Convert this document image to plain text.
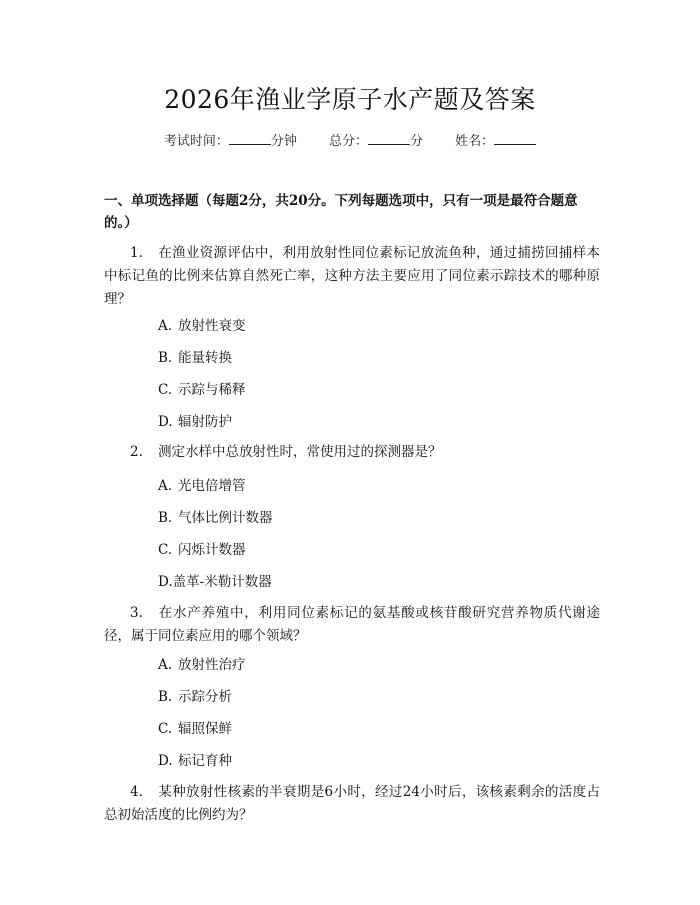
2026年渔业学原子水产题及答案
考试时间：	分钟 总分：	分 姓名：
一、单项选择题（每题2分，共20分。下列每题选项中，只有一项是最符合题意的。）
1. 在渔业资源评估中，利用放射性同位素标记放流鱼种，通过捕捞回捕样本中标记鱼的比例来估算自然死亡率，这种方法主要应用了同位素示踪技术的哪种原理？
A. 放射性衰变
B. 能量转换
C. 示踪与稀释
D. 辐射防护
2. 测定水样中总放射性时，常使用过的探测器是？
A. 光电倍增管
B. 气体比例计数器
C. 闪烁计数器
D.盖革-米勒计数器
3. 在水产养殖中，利用同位素标记的氨基酸或核苷酸研究营养物质代谢途径，属于同位素应用的哪个领域？
A. 放射性治疗
B. 示踪分析
C. 辐照保鲜
D. 标记育种
4. 某种放射性核素的半衰期是6小时，经过24小时后，该核素剩余的活度占总初始活度的比例约为？
